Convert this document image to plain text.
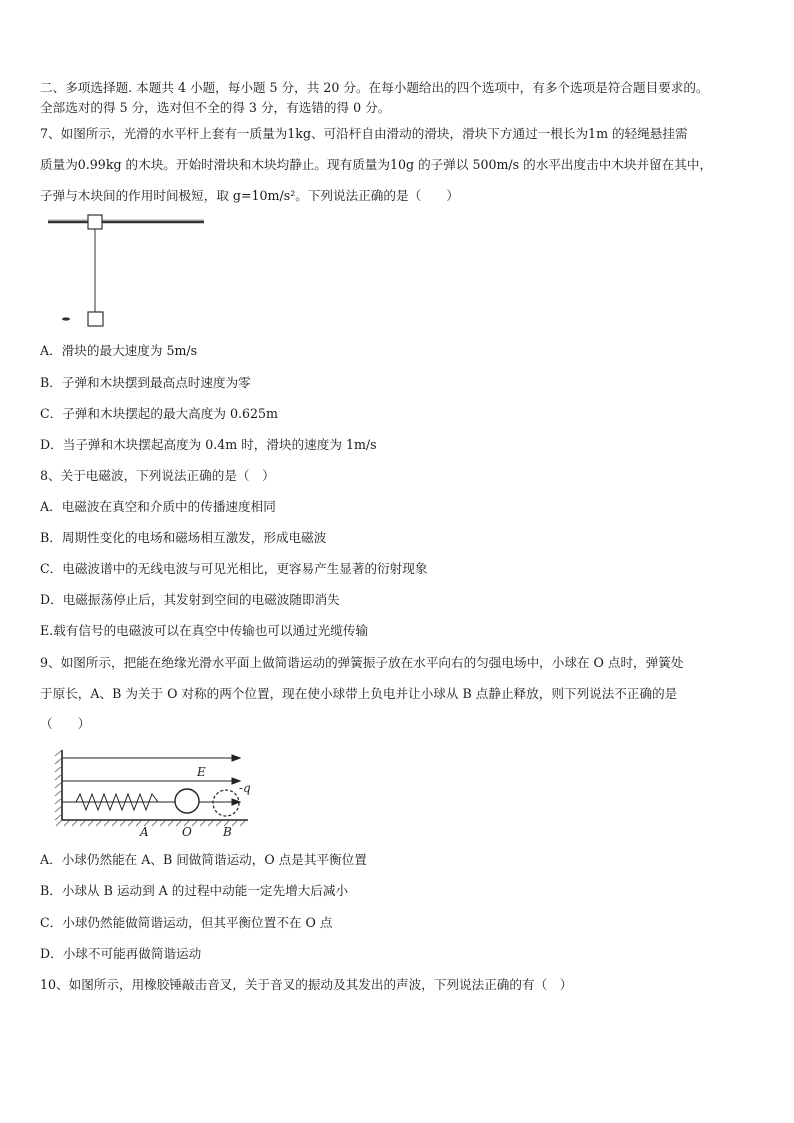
二、多项选择题. 本题共 4 小题，每小题 5 分，共 20 分。在每小题给出的四个选项中，有多个选项是符合题目要求的。
全部选对的得 5 分，选对但不全的得 3 分，有选错的得 0 分。
7、如图所示，光滑的水平杆上套有一质量为1kg、可沿杆自由滑动的滑块，滑块下方通过一根长为1m 的轻绳悬挂需
质量为0.99kg 的木块。开始时滑块和木块均静止。现有质量为10g 的子弹以 500m/s 的水平出度击中木块并留在其中，
子弹与木块间的作用时间极短，取 g=10m/s²。下列说法正确的是（　　）
A．滑块的最大速度为 5m/s
B．子弹和木块摆到最高点时速度为零
C．子弹和木块摆起的最大高度为 0.625m
D．当子弹和木块摆起高度为 0.4m 时，滑块的速度为 1m/s
8、关于电磁波，下列说法正确的是（　）
A．电磁波在真空和介质中的传播速度相同
B．周期性变化的电场和磁场相互激发，形成电磁波
C．电磁波谱中的无线电波与可见光相比，更容易产生显著的衍射现象
D．电磁振荡停止后，其发射到空间的电磁波随即消失
E.载有信号的电磁波可以在真空中传输也可以通过光缆传输
9、如图所示，把能在绝缘光滑水平面上做简谐运动的弹簧振子放在水平向右的匀强电场中，小球在 O 点时，弹簧处
于原长，A、B 为关于 O 对称的两个位置，现在使小球带上负电并让小球从 B 点静止释放，则下列说法不正确的是
（　　）
E
-q
A	O	B
A．小球仍然能在 A、B 间做简谐运动，O 点是其平衡位置
B．小球从 B 运动到 A 的过程中动能一定先增大后减小
C．小球仍然能做简谐运动，但其平衡位置不在 O 点
D．小球不可能再做简谐运动
10、如图所示，用橡胶锤敲击音叉，关于音叉的振动及其发出的声波，下列说法正确的有（　）
